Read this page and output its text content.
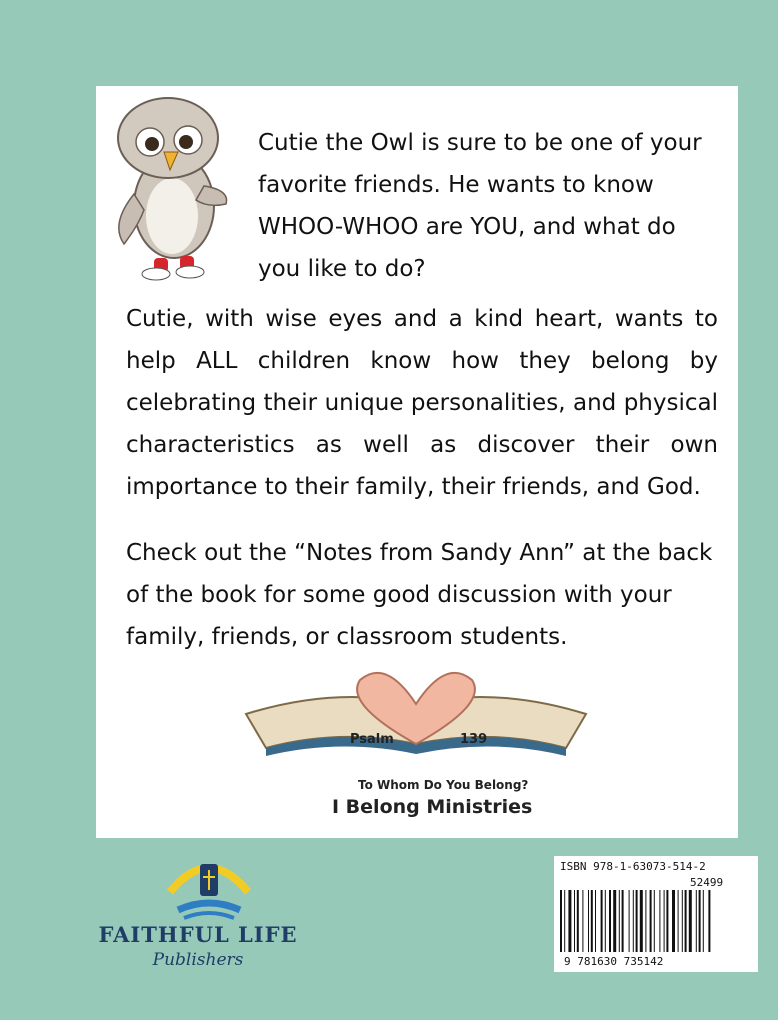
Cutie the Owl is sure to be one of your favorite friends. He wants to know WHOO-WHOO are YOU, and what do you like to do?

Cutie, with wise eyes and a kind heart, wants to help ALL children know how they belong by celebrating their unique personalities, and physical characteristics as well as discover their own importance to their family, their friends, and God.

Check out the “Notes from Sandy Ann” at the back of the book for some good discussion with your family, friends, or classroom students.

Psalm	139
To Whom Do You Belong?
I Belong Ministries
FAITHFUL LIFE
Publishers
ISBN 978-1-63073-514-2
52499
9 781630 735142
